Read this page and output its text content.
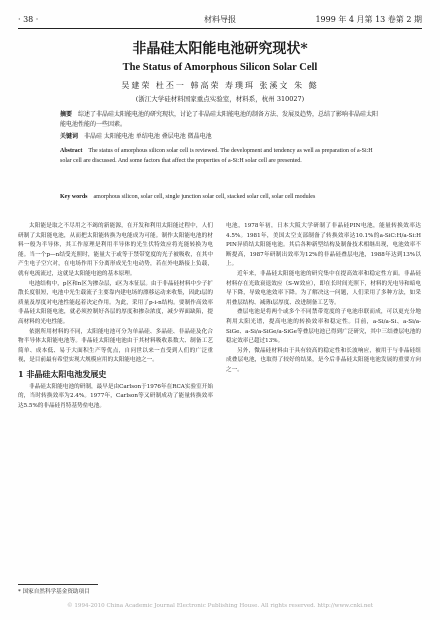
· 38 ·	材料导报	1999 年 4 月第 13 卷第 2 期
非晶硅太阳能电池研究现状*
The Status of Amorphous Silicon Solar Cell
吴建荣 杜丕一 韩高荣 寿璞珥 张溪文 朱 懿
(浙江大学硅材料国家重点实验室，材料系，杭州 310027)
摘要 综述了非晶硅太阳能电池的研究现状，讨论了非晶硅太阳能电池的制备方法、发展及趋势，总结了影响非晶硅太阳能电池性能的一些因素。
关键词 非晶硅 太阳能电池 单结电池 叠层电池 微晶电池
Abstract The status of amorphous silicon solar cell is reviewed. The development and tendency as well as preparation of a-Si:H solar cell are discussed. And some factors that affect the properties of a-Si:H solar cell are presented.
Key words amorphous silicon, solar cell, single junction solar cell, stacked solar cell, solar cell modules

太阳能是取之不尽用之不竭的新能源，在开发和利用太阳能过程中，人们研制了太阳能电池，从而把太阳能转换为电能成为可能。制作太阳能电池的材料一般为半导体，其工作原理是利用半导体的光生伏特效应将光能转换为电能。当一个p—n结受光照时，能量大于或等于禁带宽度的光子被吸收，在其中产生电子空穴对，在电场作用下分离形成光生电动势，若在外电路接上负载，就有电流流过，这就是太阳能电池的基本原理。

电池结构中，p区和n区为掺杂层，i区为本征层。由于非晶硅材料中少子扩散长度很短，电池中光生载流子主要靠内建电场的漂移运动来收集，因此i层的质量及厚度对电池性能起着决定作用。为此，采用了p-i-n结构。要制作高效率非晶硅太阳能电池，就必须控制好各层的厚度和掺杂浓度，减少界面缺陷，提高材料的光电性能。

依据所用材料的不同，太阳能电池可分为单晶硅、多晶硅、非晶硅及化合物半导体太阳能电池等。非晶硅太阳能电池由于其材料吸收系数大、制备工艺简单、成本低、易于大面积生产等优点，自问世以来一直受到人们的广泛重视，是目前最有希望实现大规模应用的太阳能电池之一。

1 非晶硅太阳电池发展史

非晶硅太阳能电池的研制，最早是由Carlson于1976年在RCA实验室开始的，当时转换效率为2.4%。1977年，Carlson等又研制成功了能量转换效率达5.5%的非晶硅肖特基势垒电池。

电池，1978年初，日本大阪大学研制了非晶硅PIN电池，能量转换效率达4.5%。1981年，美国太空支部制备了转换效率达10.1%的a-SiC:H/a-Si:H PIN异质结太阳能电池。其后各种新型结构及制备技术相继出现，电池效率不断提高，1987年研制出效率为12%的非晶硅叠层电池，1988年达到13%以上。

近年来，非晶硅太阳能电池的研究集中在提高效率和稳定性方面。非晶硅材料存在光致衰退效应（S-W效应），即在长时间光照下，材料的光电导和暗电导下降，导致电池效率下降。为了解决这一问题，人们采用了多种方法，如采用叠层结构、减薄i层厚度、改进制备工艺等。

叠层电池是将两个或多个不同禁带宽度的子电池串联而成，可以更充分地利用太阳光谱，提高电池的转换效率和稳定性。目前，a-Si/a-Si、a-Si/a-SiGe、a-Si/a-SiGe/a-SiGe等叠层电池已得到广泛研究，其中三结叠层电池的稳定效率已超过13%。

另外，微晶硅材料由于具有较高的稳定性和长波响应，被用于与非晶硅组成叠层电池，也取得了较好的结果，是今后非晶硅太阳能电池发展的重要方向之一。

* 国家自然科学基金资助项目
© 1994-2010 China Academic Journal Electronic Publishing House. All rights reserved. http://www.cnki.net
